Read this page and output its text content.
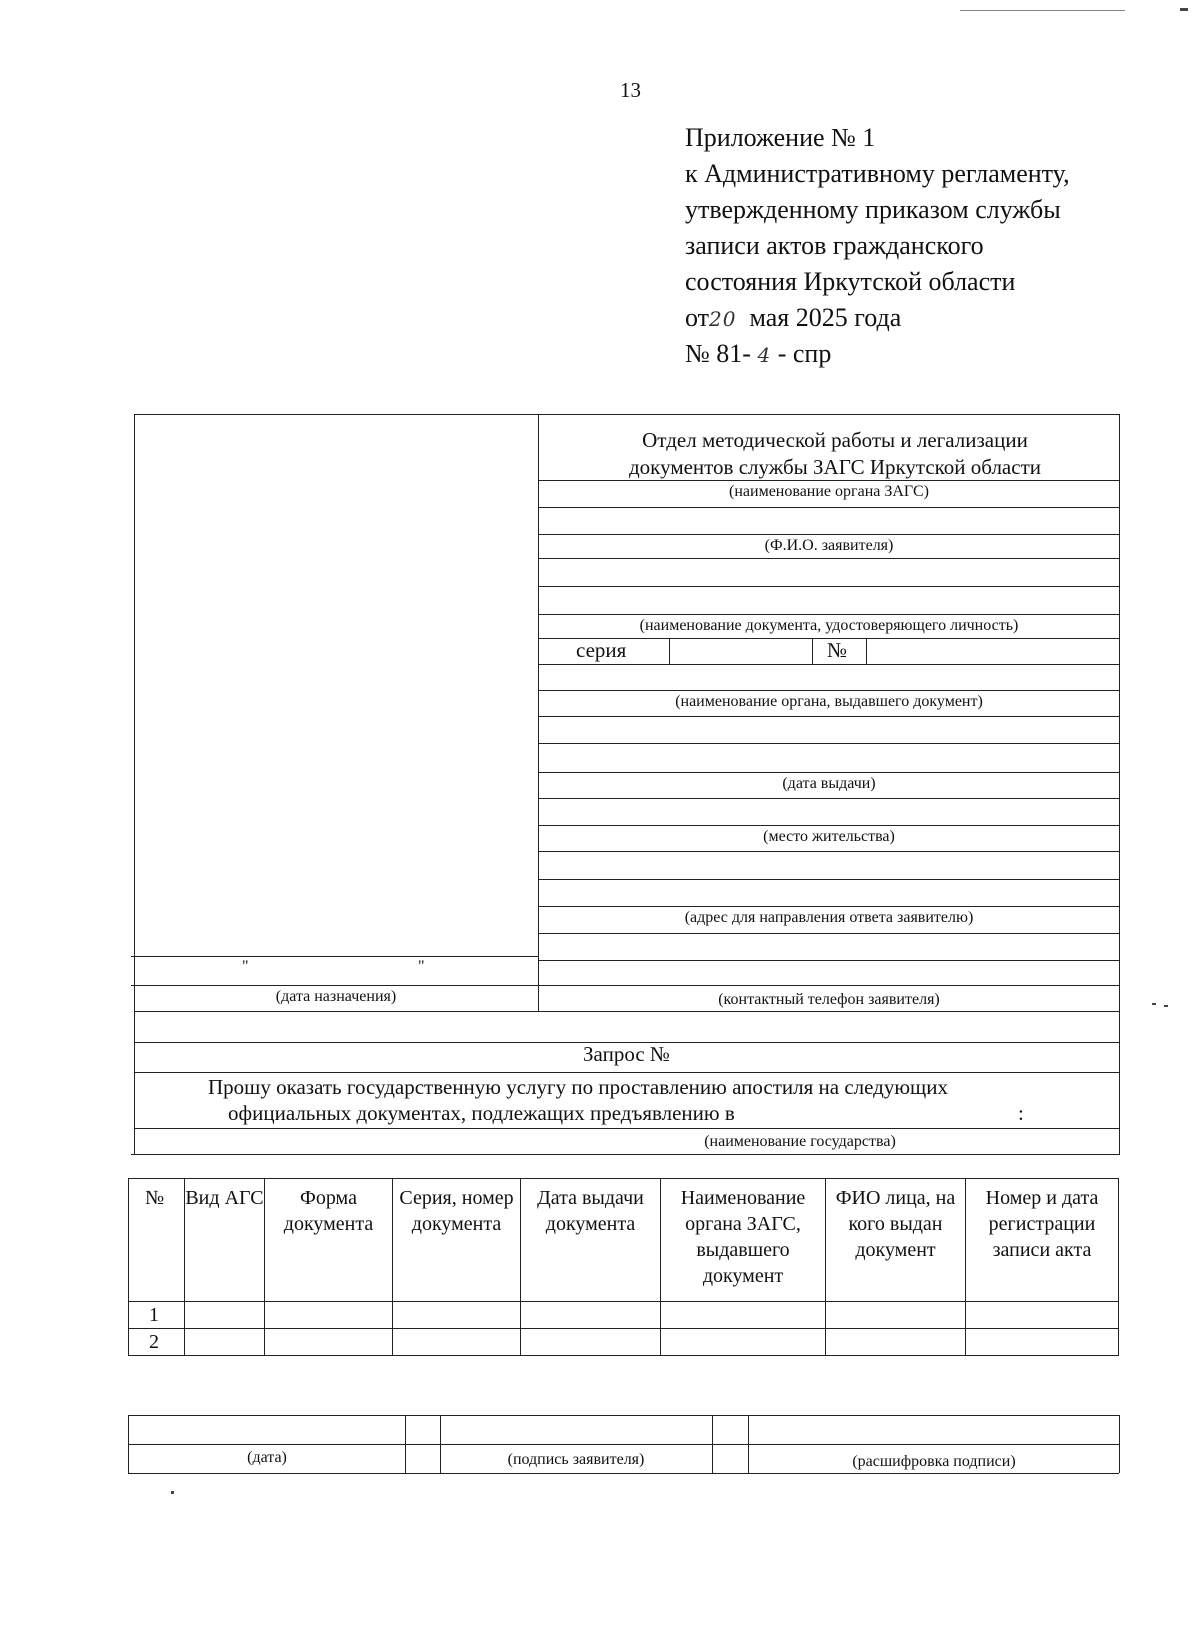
13
Приложение № 1
к Административному регламенту,
утвержденному приказом службы
записи актов гражданского
состояния Иркутской области
от20 мая 2025 года
№ 81- 4 - спр
Отдел методической работы и легализации
документов службы ЗАГС Иркутской области
(наименование органа ЗАГС)
(Ф.И.О. заявителя)
(наименование документа, удостоверяющего личность)
серия	№
(наименование органа, выдавшего документ)
(дата выдачи)
(место жительства)
(адрес для направления ответа заявителю)
"	"
(дата назначения)	(контактный телефон заявителя)
Запрос №
Прошу оказать государственную услугу по проставлению апостиля на следующих
официальных документах, подлежащих предъявлению в	:
(наименование государства)
№	Вид АГС	Форма документа	Серия, номер документа	Дата выдачи документа	Наименование органа ЗАГС, выдавшего документ	ФИО лица, на кого выдан документ	Номер и дата регистрации записи акта
1							
2							
(дата)	(подпись заявителя)	(расшифровка подписи)
